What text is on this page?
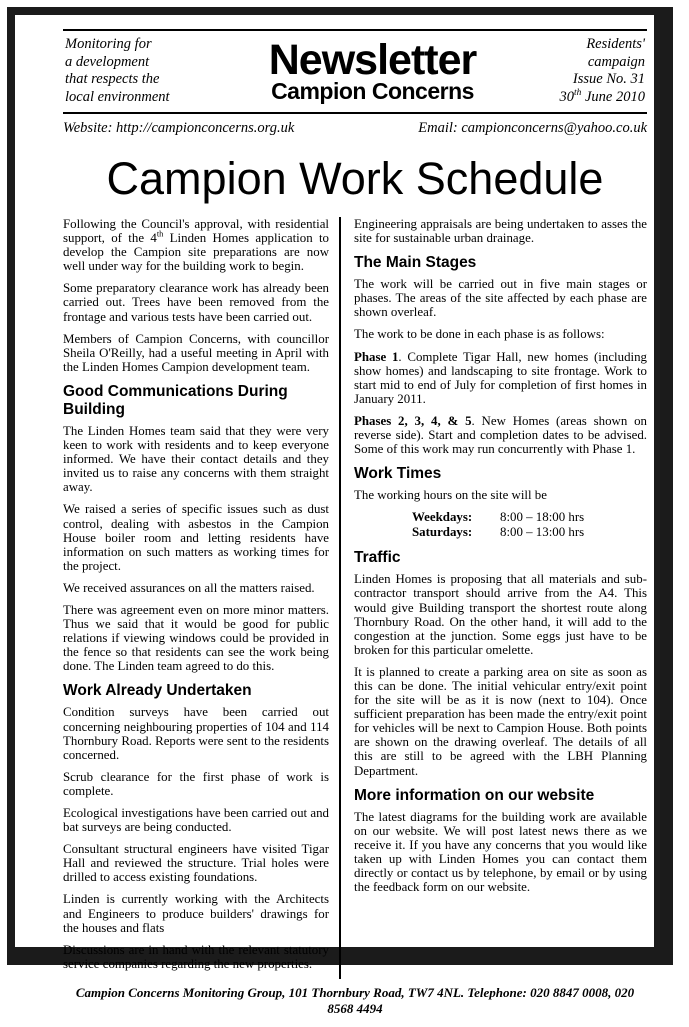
Monitoring for
a development
that respects the
local environment
Newsletter
Campion Concerns
Residents'
campaign
Issue No. 31
30th June 2010
Website: http://campionconcerns.org.uk	Email: campionconcerns@yahoo.co.uk
Campion Work Schedule

Following the Council's approval, with residential support, of the 4th Linden Homes application to develop the Campion site preparations are now well under way for the building work to begin.

Some preparatory clearance work has already been carried out. Trees have been removed from the frontage and various tests have been carried out.

Members of Campion Concerns, with councillor Sheila O'Reilly, had a useful meeting in April with the Linden Homes Campion development team.

Good Communications During Building

The Linden Homes team said that they were very keen to work with residents and to keep everyone informed. We have their contact details and they invited us to raise any concerns with them straight away.

We raised a series of specific issues such as dust control, dealing with asbestos in the Campion House boiler room and letting residents have information on such matters as working times for the project.

We received assurances on all the matters raised.

There was agreement even on more minor matters. Thus we said that it would be good for public relations if viewing windows could be provided in the fence so that residents can see the work being done. The Linden team agreed to do this.

Work Already Undertaken

Condition surveys have been carried out concerning neighbouring properties of 104 and 114 Thornbury Road. Reports were sent to the residents concerned.

Scrub clearance for the first phase of work is complete.

Ecological investigations have been carried out and bat surveys are being conducted.

Consultant structural engineers have visited Tigar Hall and reviewed the structure. Trial holes were drilled to access existing foundations.

Linden is currently working with the Architects and Engineers to produce builders' drawings for the houses and flats

Discussions are in hand with the relevant statutory service companies regarding the new properties.

Engineering appraisals are being undertaken to asses the site for sustainable urban drainage.

The Main Stages

The work will be carried out in five main stages or phases. The areas of the site affected by each phase are shown overleaf.

The work to be done in each phase is as follows:

Phase 1. Complete Tigar Hall, new homes (including show homes) and landscaping to site frontage. Work to start mid to end of July for completion of first homes in January 2011.

Phases 2, 3, 4, & 5. New Homes (areas shown on reverse side). Start and completion dates to be advised. Some of this work may run concurrently with Phase 1.

Work Times

The working hours on the site will be

Weekdays:	8:00 – 18:00 hrs
Saturdays:	8:00 – 13:00 hrs
Traffic

Linden Homes is proposing that all materials and sub-contractor transport should arrive from the A4. This would give Building transport the shortest route along Thornbury Road. On the other hand, it will add to the congestion at the junction. Some eggs just have to be broken for this particular omelette.

It is planned to create a parking area on site as soon as this can be done. The initial vehicular entry/exit point for the site will be as it is now (next to 104). Once sufficient preparation has been made the entry/exit point for vehicles will be next to Campion House. Both points are shown on the drawing overleaf. The details of all this are still to be agreed with the LBH Planning Department.

More information on our website

The latest diagrams for the building work are available on our website. We will post latest news there as we receive it. If you have any concerns that you would like taken up with Linden Homes you can contact them directly or contact us by telephone, by email or by using the feedback form on our website.

Campion Concerns Monitoring Group, 101 Thornbury Road, TW7 4NL. Telephone: 020 8847 0008, 020 8568 4494
